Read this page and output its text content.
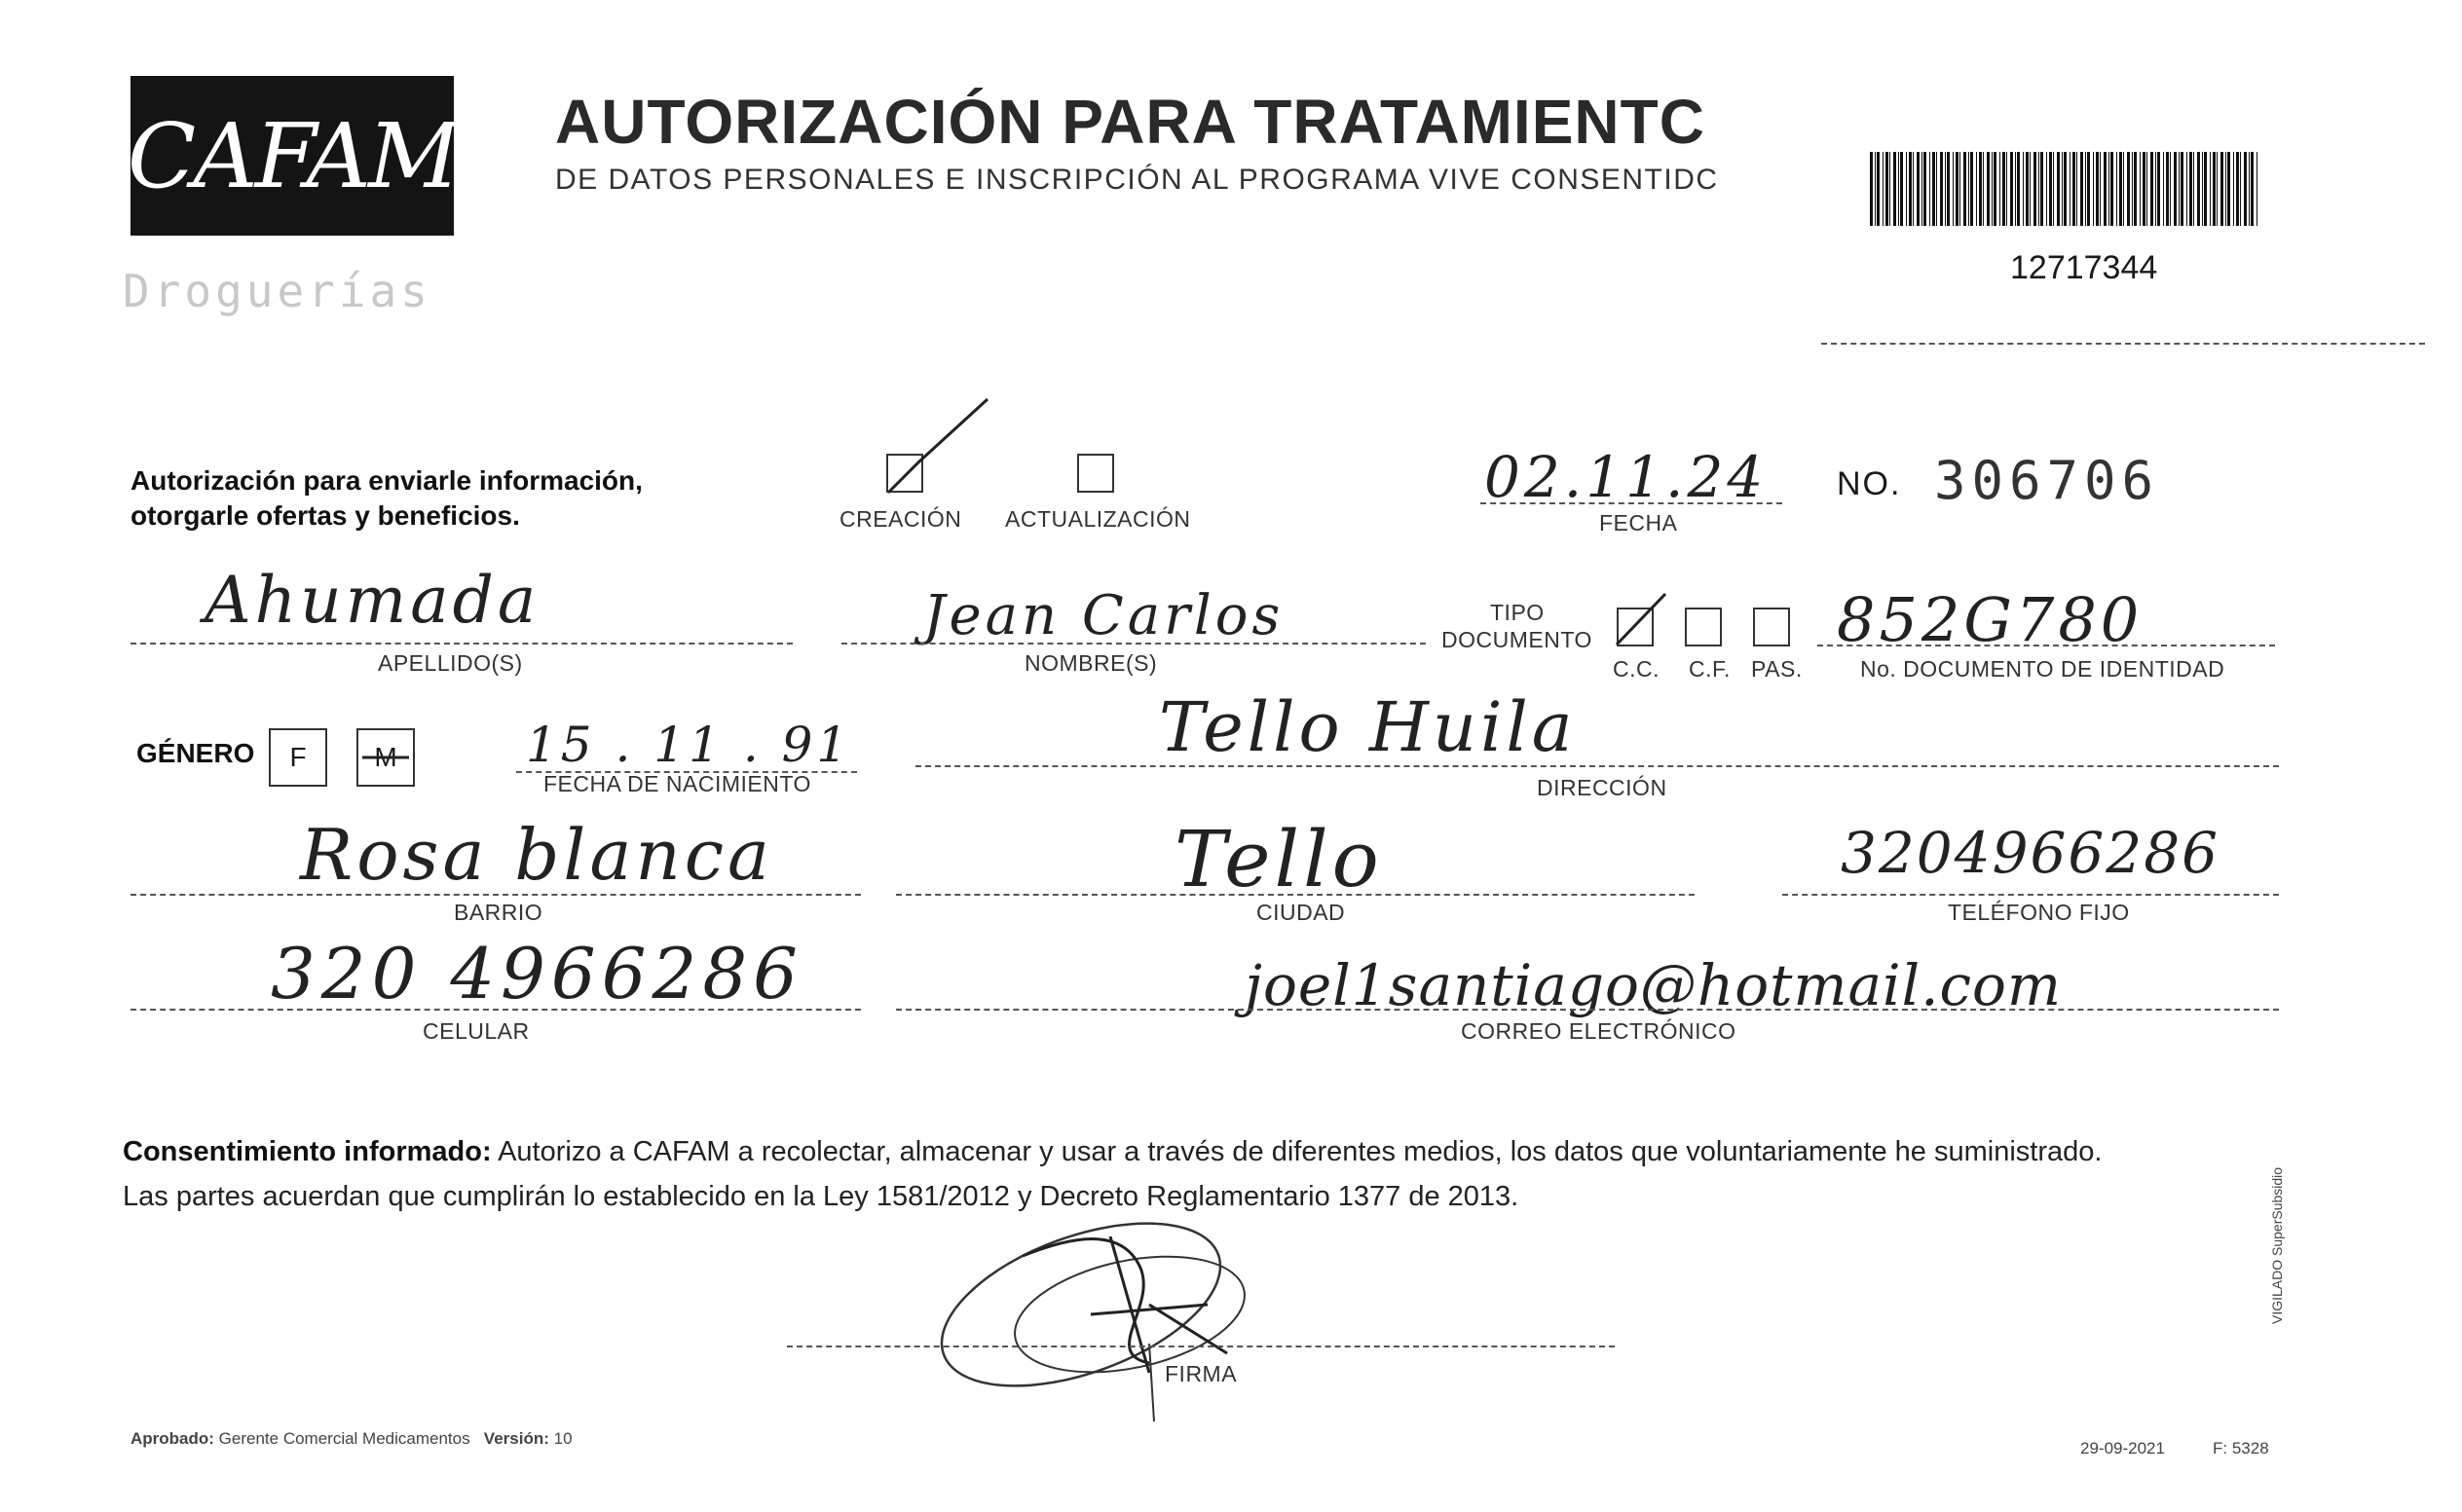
CAFAM
Droguerías
AUTORIZACIÓN PARA TRATAMIENTC
DE DATOS PERSONALES E INSCRIPCIÓN AL PROGRAMA VIVE CONSENTIDC
12717344
Autorización para enviarle información,
otorgarle ofertas y beneficios.	CREACIÓN ACTUALIZACIÓN
02.11.24
FECHA
NO. 306706
Ahumada
APELLIDO(S)
Jean Carlos
NOMBRE(S)
TIPO
DOCUMENTO
C.C. C.F. PAS.
852G780
No. DOCUMENTO DE IDENTIDAD
GÉNERO	F	M	15 . 11 . 91
FECHA DE NACIMIENTO
Tello Huila
DIRECCIÓN
Rosa blanca
BARRIO
Tello
CIUDAD
3204966286
TELÉFONO FIJO
320 4966286
CELULAR
joel1santiago@hotmail.com
CORREO ELECTRÓNICO
Consentimiento informado: Autorizo a CAFAM a recolectar, almacenar y usar a través de diferentes medios, los datos que voluntariamente he suministrado.
Las partes acuerdan que cumplirán lo establecido en la Ley 1581/2012 y Decreto Reglamentario 1377 de 2013.
FIRMA
Aprobado: Gerente Comercial Medicamentos Versión: 10
29-09-2021	F: 5328
VIGILADO SuperSubsidio
